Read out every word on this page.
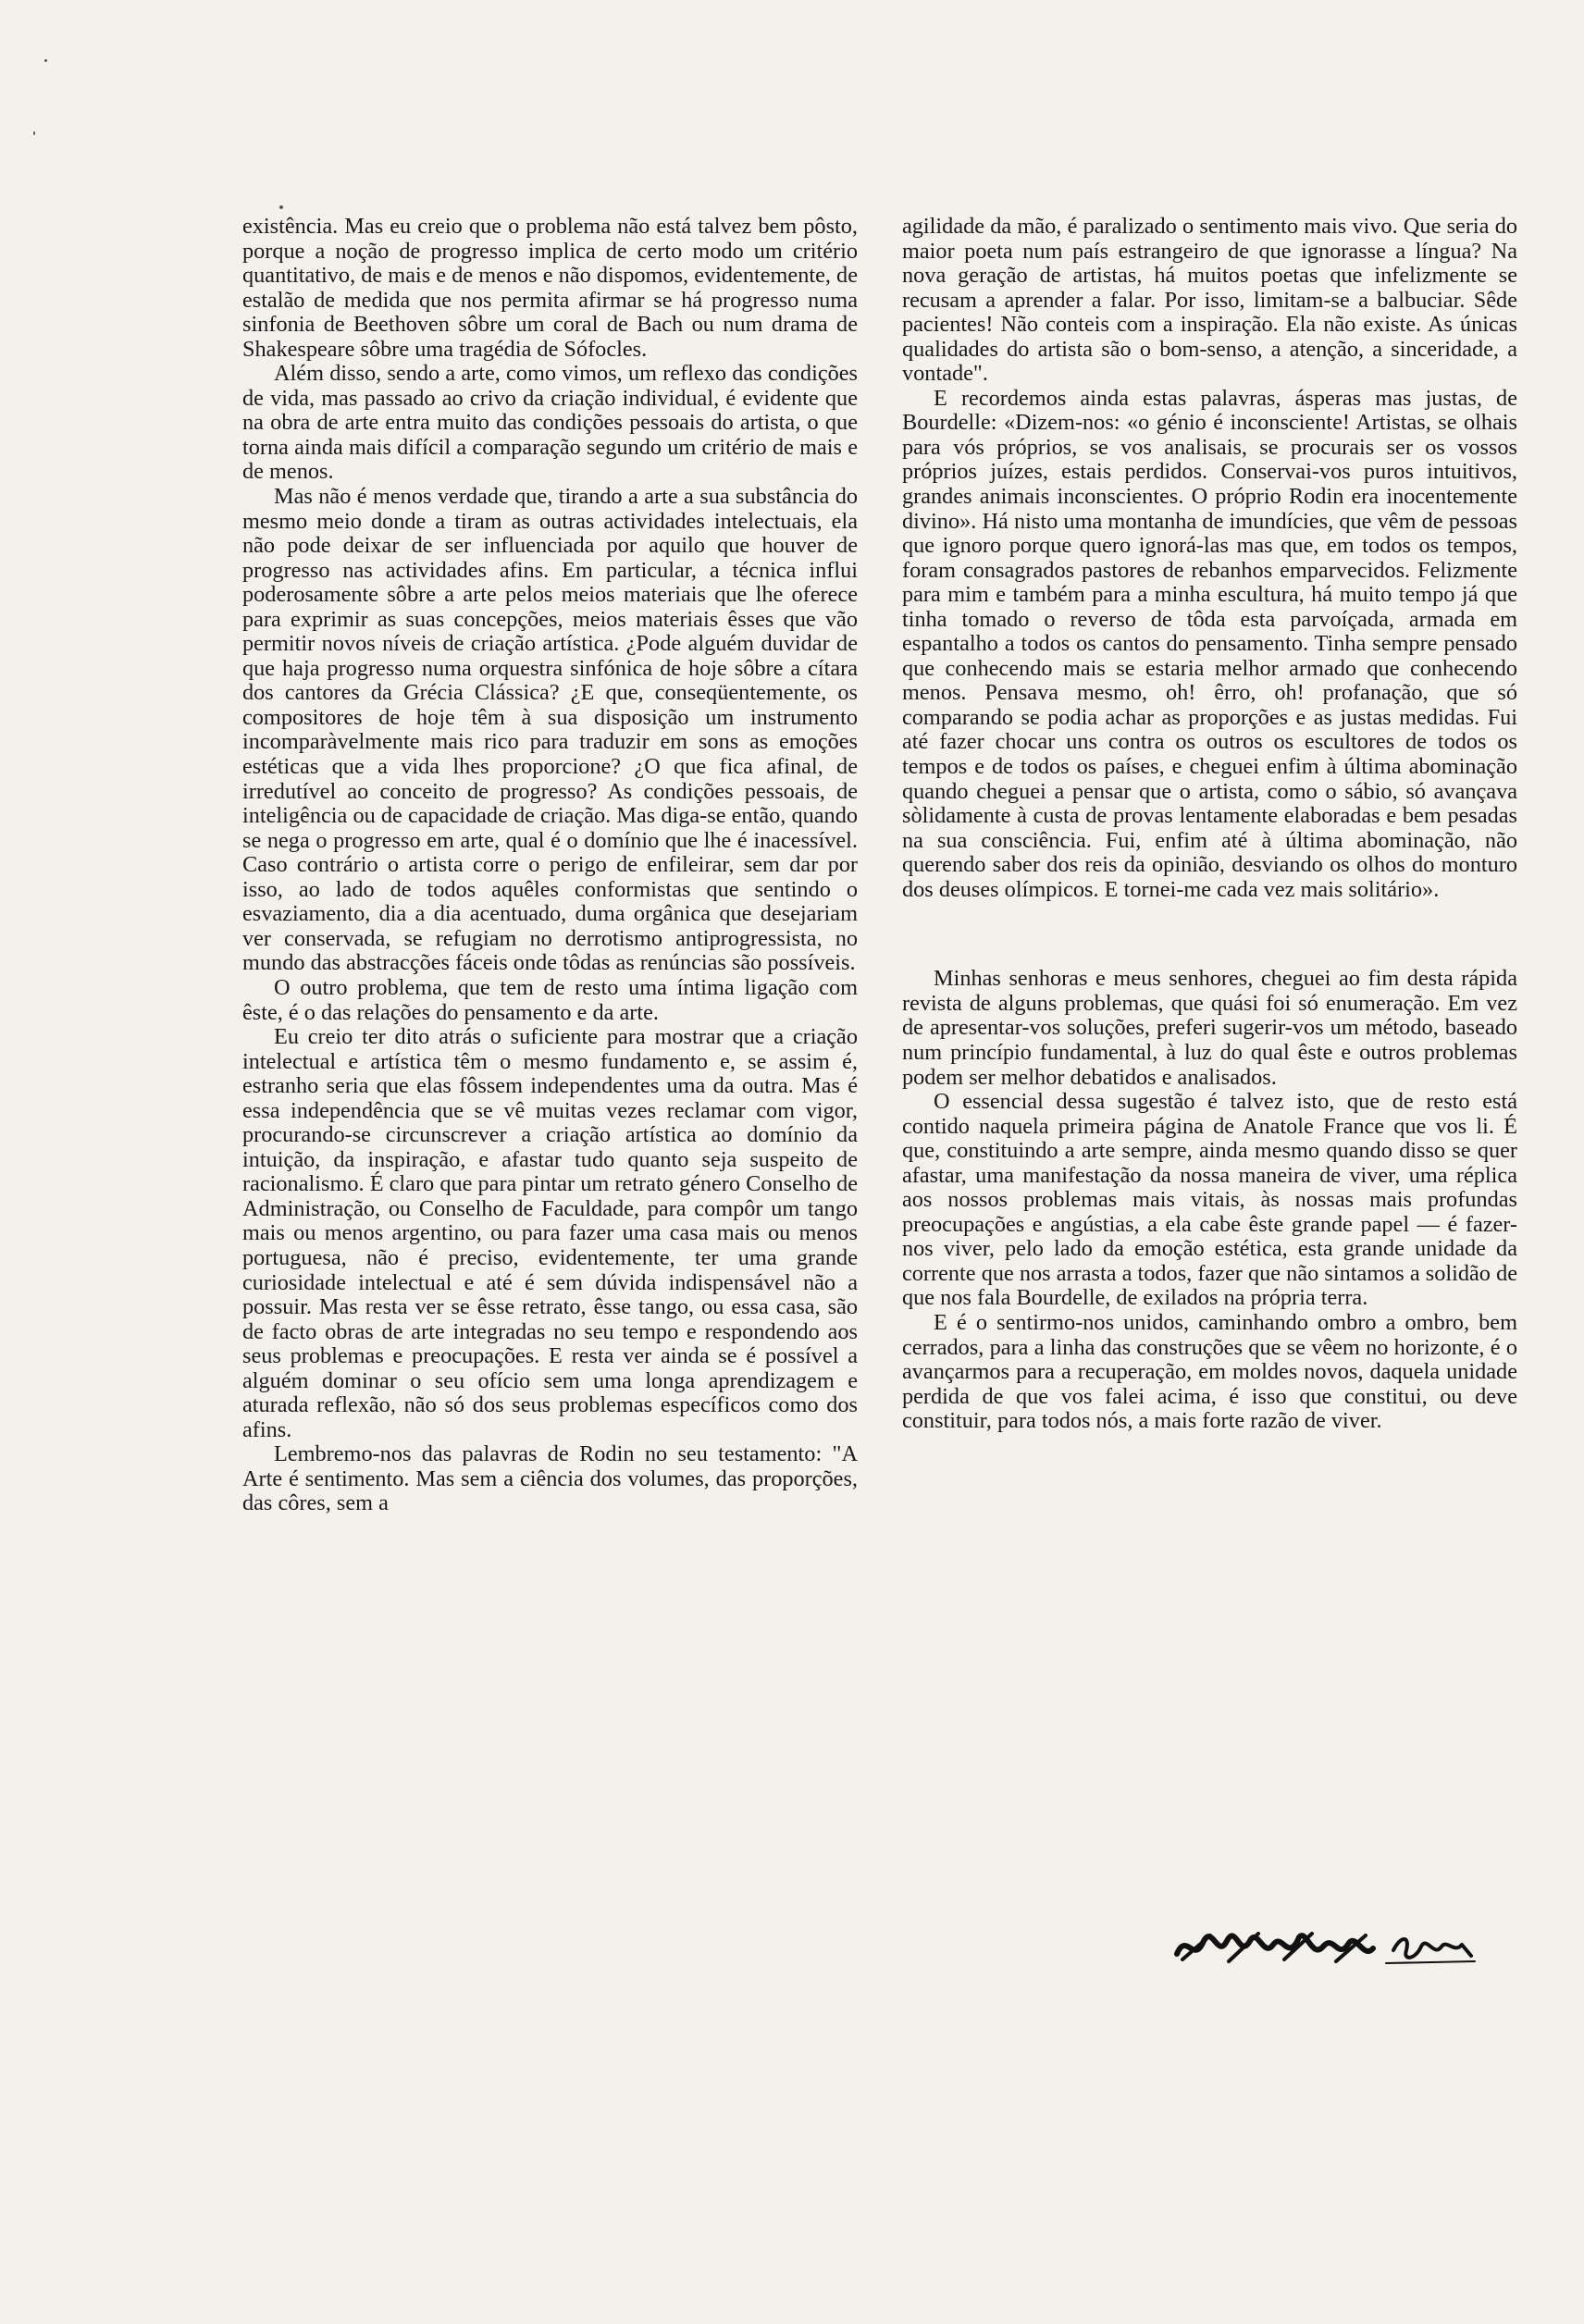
existência. Mas eu creio que o problema não está talvez bem pôsto, porque a noção de progresso implica de certo modo um critério quantitativo, de mais e de menos e não dispomos, evidentemente, de estalão de medida que nos permita afirmar se há progresso numa sinfonia de Beethoven sôbre um coral de Bach ou num drama de Shakespeare sôbre uma tragédia de Sófocles.

Além disso, sendo a arte, como vimos, um reflexo das condições de vida, mas passado ao crivo da criação individual, é evidente que na obra de arte entra muito das condições pessoais do artista, o que torna ainda mais difícil a comparação segundo um critério de mais e de menos.

Mas não é menos verdade que, tirando a arte a sua substância do mesmo meio donde a tiram as outras actividades intelectuais, ela não pode deixar de ser influenciada por aquilo que houver de progresso nas actividades afins. Em particular, a técnica influi poderosamente sôbre a arte pelos meios materiais que lhe oferece para exprimir as suas concepções, meios materiais êsses que vão permitir novos níveis de criação artística. ¿Pode alguém duvidar de que haja progresso numa orquestra sinfónica de hoje sôbre a cítara dos cantores da Grécia Clássica? ¿E que, conseqüentemente, os compositores de hoje têm à sua disposição um instrumento incomparàvelmente mais rico para traduzir em sons as emoções estéticas que a vida lhes proporcione? ¿O que fica afinal, de irredutível ao conceito de progresso? As condições pessoais, de inteligência ou de capacidade de criação. Mas diga-se então, quando se nega o progresso em arte, qual é o domínio que lhe é inacessível. Caso contrário o artista corre o perigo de enfileirar, sem dar por isso, ao lado de todos aquêles conformistas que sentindo o esvaziamento, dia a dia acentuado, duma orgânica que desejariam ver conservada, se refugiam no derrotismo antiprogressista, no mundo das abstracções fáceis onde tôdas as renúncias são possíveis.

O outro problema, que tem de resto uma íntima ligação com êste, é o das relações do pensamento e da arte.

Eu creio ter dito atrás o suficiente para mostrar que a criação intelectual e artística têm o mesmo fundamento e, se assim é, estranho seria que elas fôssem independentes uma da outra. Mas é essa independência que se vê muitas vezes reclamar com vigor, procurando-se circunscrever a criação artística ao domínio da intuição, da inspiração, e afastar tudo quanto seja suspeito de racionalismo. É claro que para pintar um retrato género Conselho de Administração, ou Conselho de Faculdade, para compôr um tango mais ou menos argentino, ou para fazer uma casa mais ou menos portuguesa, não é preciso, evidentemente, ter uma grande curiosidade intelectual e até é sem dúvida indispensável não a possuir. Mas resta ver se êsse retrato, êsse tango, ou essa casa, são de facto obras de arte integradas no seu tempo e respondendo aos seus problemas e preocupações. E resta ver ainda se é possível a alguém dominar o seu ofício sem uma longa aprendizagem e aturada reflexão, não só dos seus problemas específicos como dos afins.

Lembremo-nos das palavras de Rodin no seu testamento: "A Arte é sentimento. Mas sem a ciência dos volumes, das proporções, das côres, sem a

agilidade da mão, é paralizado o sentimento mais vivo. Que seria do maior poeta num país estrangeiro de que ignorasse a língua? Na nova geração de artistas, há muitos poetas que infelizmente se recusam a aprender a falar. Por isso, limitam-se a balbuciar. Sêde pacientes! Não conteis com a inspiração. Ela não existe. As únicas qualidades do artista são o bom-senso, a atenção, a sinceridade, a vontade".

E recordemos ainda estas palavras, ásperas mas justas, de Bourdelle: «Dizem-nos: «o génio é inconsciente! Artistas, se olhais para vós próprios, se vos analisais, se procurais ser os vossos próprios juízes, estais perdidos. Conservai-vos puros intuitivos, grandes animais inconscientes. O próprio Rodin era inocentemente divino». Há nisto uma montanha de imundícies, que vêm de pessoas que ignoro porque quero ignorá-las mas que, em todos os tempos, foram consagrados pastores de rebanhos emparvecidos. Felizmente para mim e também para a minha escultura, há muito tempo já que tinha tomado o reverso de tôda esta parvoíçada, armada em espantalho a todos os cantos do pensamento. Tinha sempre pensado que conhecendo mais se estaria melhor armado que conhecendo menos. Pensava mesmo, oh! êrro, oh! profanação, que só comparando se podia achar as proporções e as justas medidas. Fui até fazer chocar uns contra os outros os escultores de todos os tempos e de todos os países, e cheguei enfim à última abominação quando cheguei a pensar que o artista, como o sábio, só avançava sòlidamente à custa de provas lentamente elaboradas e bem pesadas na sua consciência. Fui, enfim até à última abominação, não querendo saber dos reis da opinião, desviando os olhos do monturo dos deuses olímpicos. E tornei-me cada vez mais solitário».

Minhas senhoras e meus senhores, cheguei ao fim desta rápida revista de alguns problemas, que quási foi só enumeração. Em vez de apresentar-vos soluções, preferi sugerir-vos um método, baseado num princípio fundamental, à luz do qual êste e outros problemas podem ser melhor debatidos e analisados.

O essencial dessa sugestão é talvez isto, que de resto está contido naquela primeira página de Anatole France que vos li. É que, constituindo a arte sempre, ainda mesmo quando disso se quer afastar, uma manifestação da nossa maneira de viver, uma réplica aos nossos problemas mais vitais, às nossas mais profundas preocupações e angústias, a ela cabe êste grande papel — é fazer-nos viver, pelo lado da emoção estética, esta grande unidade da corrente que nos arrasta a todos, fazer que não sintamos a solidão de que nos fala Bourdelle, de exilados na própria terra.

E é o sentirmo-nos unidos, caminhando ombro a ombro, bem cerrados, para a linha das construções que se vêem no horizonte, é o avançarmos para a recuperação, em moldes novos, daquela unidade perdida de que vos falei acima, é isso que constitui, ou deve constituir, para todos nós, a mais forte razão de viver.
